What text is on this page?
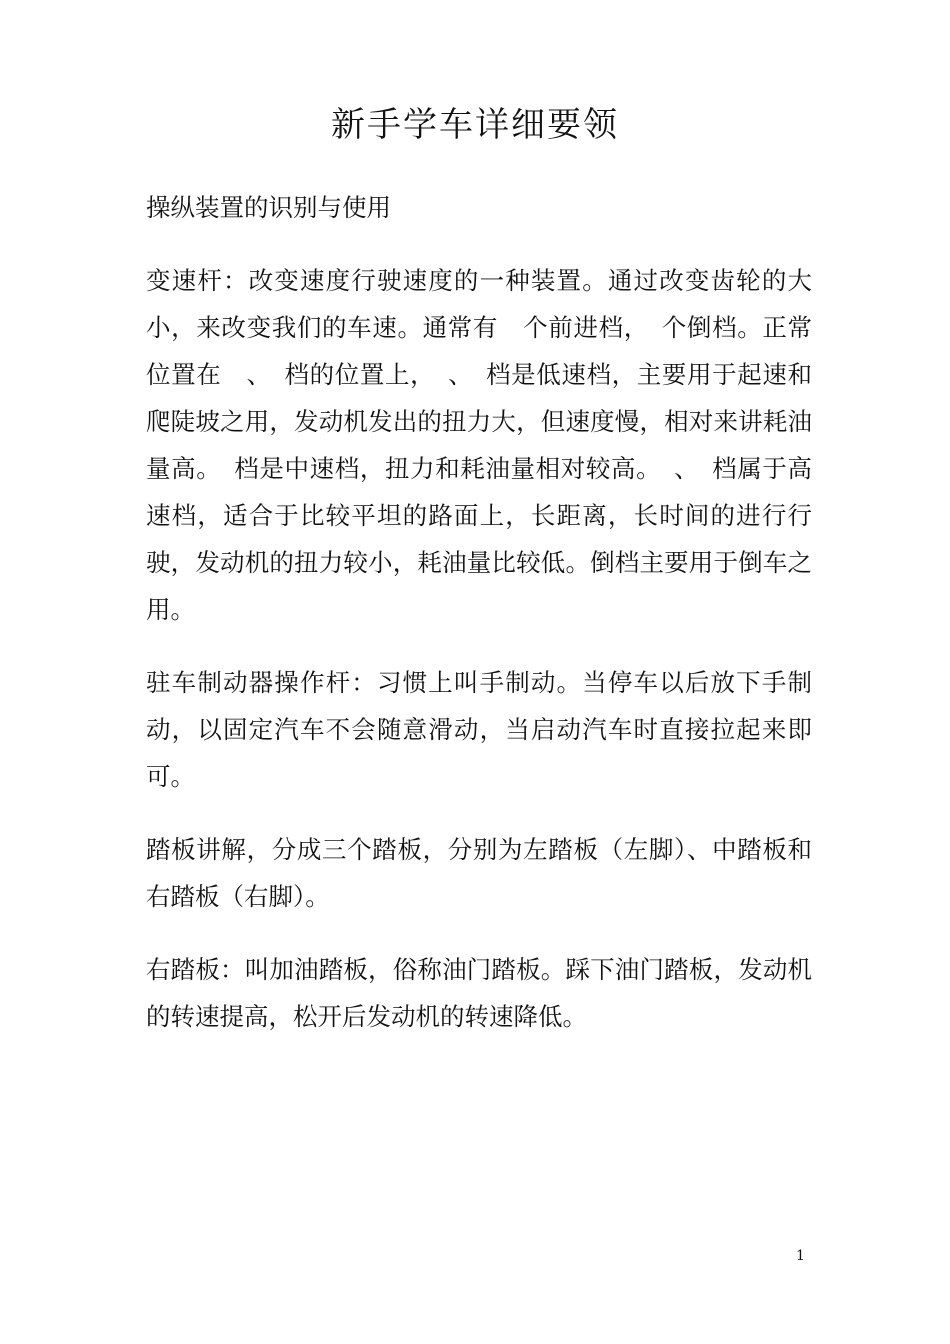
新手学车详细要领

操纵装置的识别与使用

变速杆：改变速度行驶速度的一种装置。通过改变齿轮的大小，来改变我们的车速。通常有　个前进档，　个倒档。正常位置在　、　档的位置上，　、　档是低速档，主要用于起速和爬陡坡之用，发动机发出的扭力大，但速度慢，相对来讲耗油量高。　档是中速档，扭力和耗油量相对较高。　、　档属于高速档，适合于比较平坦的路面上，长距离，长时间的进行行驶，发动机的扭力较小，耗油量比较低。倒档主要用于倒车之用。

驻车制动器操作杆：习惯上叫手制动。当停车以后放下手制动，以固定汽车不会随意滑动，当启动汽车时直接拉起来即可。

踏板讲解，分成三个踏板，分别为左踏板（左脚）、中踏板和右踏板（右脚）。

右踏板：叫加油踏板，俗称油门踏板。踩下油门踏板，发动机的转速提高，松开后发动机的转速降低。

1
